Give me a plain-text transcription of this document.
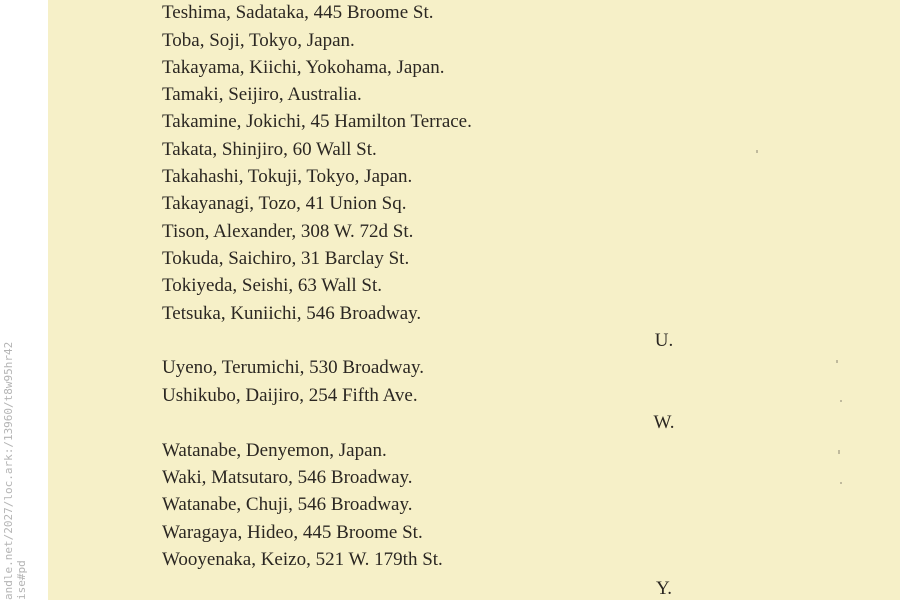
andle.net/2027/loc.ark:/13960/t8w95hr42 ise#pd
Teshima, Sadataka, 445 Broome St.
Toba, Soji, Tokyo, Japan.
Takayama, Kiichi, Yokohama, Japan.
Tamaki, Seijiro, Australia.
Takamine, Jokichi, 45 Hamilton Terrace.
Takata, Shinjiro, 60 Wall St.
Takahashi, Tokuji, Tokyo, Japan.
Takayanagi, Tozo, 41 Union Sq.
Tison, Alexander, 308 W. 72d St.
Tokuda, Saichiro, 31 Barclay St.
Tokiyeda, Seishi, 63 Wall St.
Tetsuka, Kuniichi, 546 Broadway.
U.
Uyeno, Terumichi, 530 Broadway.
Ushikubo, Daijiro, 254 Fifth Ave.
W.
Watanabe, Denyemon, Japan.
Waki, Matsutaro, 546 Broadway.
Watanabe, Chuji, 546 Broadway.
Waragaya, Hideo, 445 Broome St.
Wooyenaka, Keizo, 521 W. 179th St.
Y.
